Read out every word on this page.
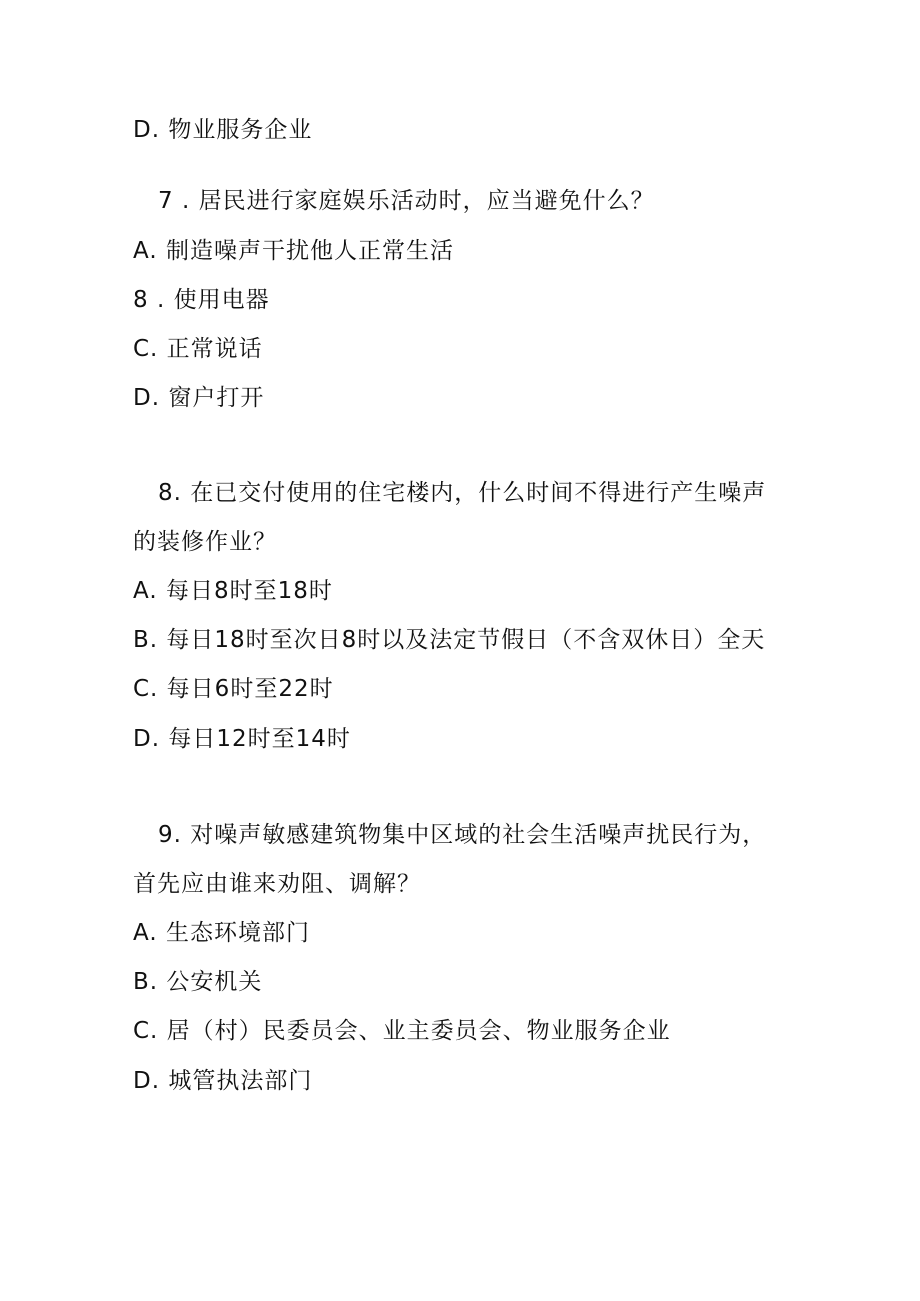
D. 物业服务企业
7 . 居民进行家庭娱乐活动时，应当避免什么？
A. 制造噪声干扰他人正常生活
8 . 使用电器
C. 正常说话
D. 窗户打开
8. 在已交付使用的住宅楼内，什么时间不得进行产生噪声
的装修作业？
A. 每日8时至18时
B. 每日18时至次日8时以及法定节假日（不含双休日）全天
C. 每日6时至22时
D. 每日12时至14时
9. 对噪声敏感建筑物集中区域的社会生活噪声扰民行为，
首先应由谁来劝阻、调解？
A. 生态环境部门
B. 公安机关
C. 居（村）民委员会、业主委员会、物业服务企业
D. 城管执法部门
